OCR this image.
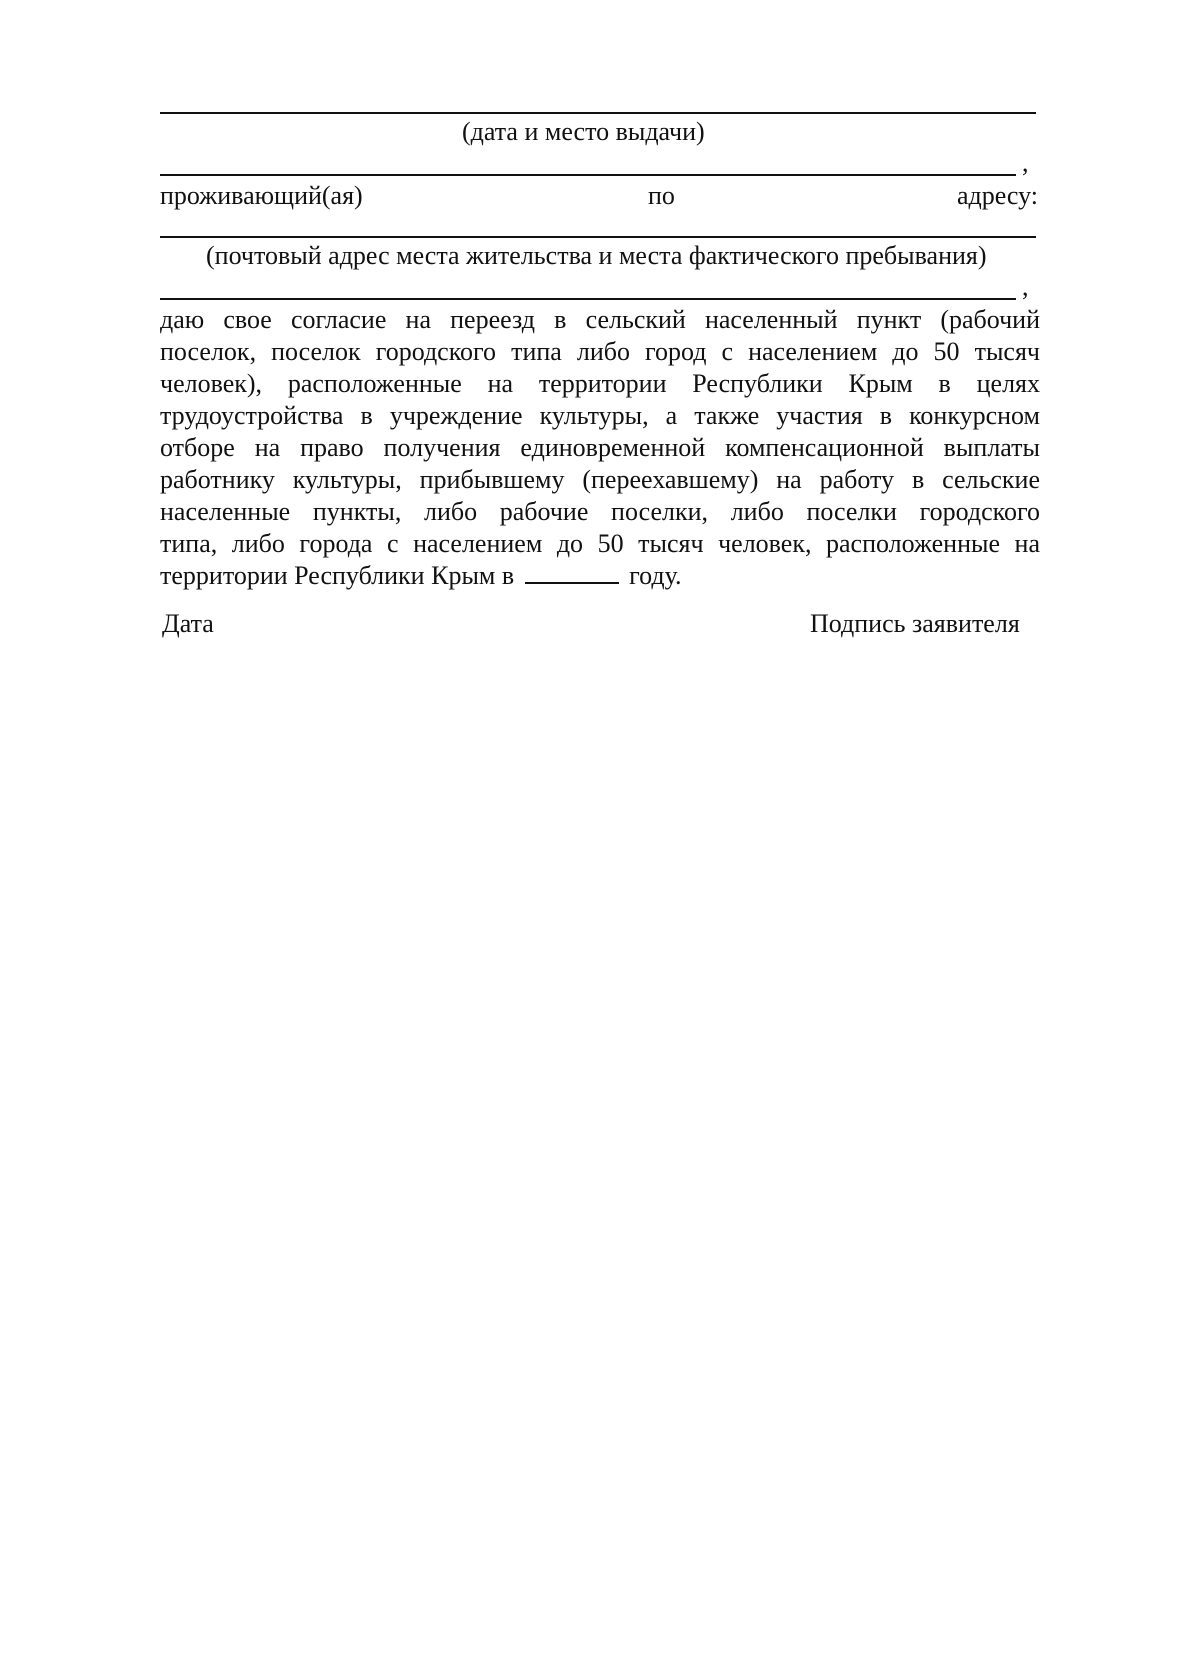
(дата и место выдачи)
,
проживающий(ая)	по	адресу:
(почтовый адрес места жительства и места фактического пребывания)
,
даю свое согласие на переезд в сельский населенный пункт (рабочий
поселок, поселок городского типа либо город с населением до 50 тысяч
человек), расположенные на территории Республики Крым в целях
трудоустройства в учреждение культуры, а также участия в конкурсном
отборе на право получения единовременной компенсационной выплаты
работнику культуры, прибывшему (переехавшему) на работу в сельские
населенные пункты, либо рабочие поселки, либо поселки городского
типа, либо города с населением до 50 тысяч человек, расположенные на
территории Республики Крым в	году.
Дата	Подпись заявителя
